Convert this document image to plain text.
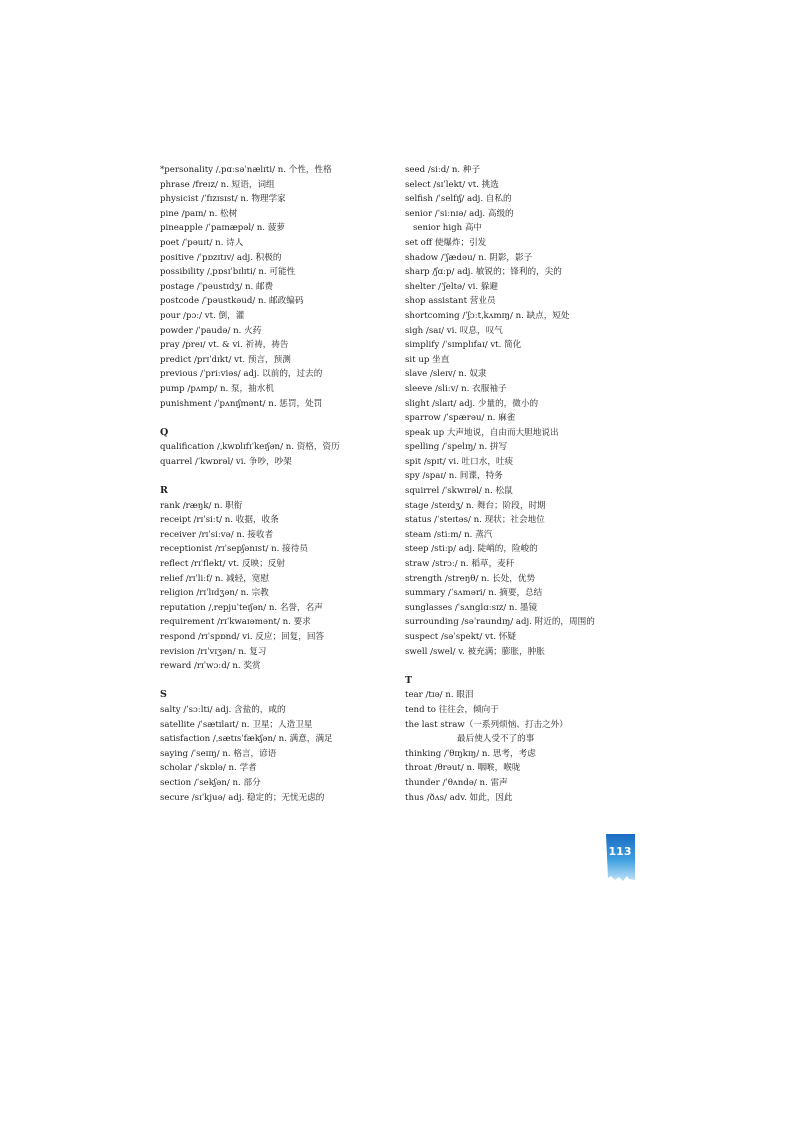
*personality /ˌpɑːsəˈnælɪti/ n. 个性，性格
phrase /freɪz/ n. 短语，词组
physicist /ˈfɪzɪsɪst/ n. 物理学家
pine /paɪn/ n. 松树
pineapple /ˈpaɪnæpəl/ n. 菠萝
poet /ˈpəuɪt/ n. 诗人
positive /ˈpɒzɪtɪv/ adj. 积极的
possibility /ˌpɒsɪˈbɪlɪti/ n. 可能性
postage /ˈpəustɪdʒ/ n. 邮费
postcode /ˈpəustkəud/ n. 邮政编码
pour /pɔː/ vt. 倒，灌
powder /ˈpaudə/ n. 火药
pray /preɪ/ vt. & vi. 祈祷，祷告
predict /prɪˈdɪkt/ vt. 预言，预测
previous /ˈpriːviəs/ adj. 以前的，过去的
pump /pʌmp/ n. 泵，抽水机
punishment /ˈpʌnɪʃmənt/ n. 惩罚，处罚
Q
qualification /ˌkwɒlɪfɪˈkeɪʃən/ n. 资格，资历
quarrel /ˈkwɒrəl/ vi. 争吵，吵架
R
rank /ræŋk/ n. 职衔
receipt /rɪˈsiːt/ n. 收据，收条
receiver /rɪˈsiːvə/ n. 接收者
receptionist /rɪˈsepʃənɪst/ n. 接待员
reflect /rɪˈflekt/ vt. 反映；反射
relief /rɪˈliːf/ n. 减轻，宽慰
religion /rɪˈlɪdʒən/ n. 宗教
reputation /ˌrepjuˈteɪʃən/ n. 名誉，名声
requirement /rɪˈkwaɪəmənt/ n. 要求
respond /rɪˈspɒnd/ vi. 反应；回复，回答
revision /rɪˈvɪʒən/ n. 复习
reward /rɪˈwɔːd/ n. 奖赏
S
salty /ˈsɔːlti/ adj. 含盐的，咸的
satellite /ˈsætɪlaɪt/ n. 卫星；人造卫星
satisfaction /ˌsætɪsˈfækʃən/ n. 满意，满足
saying /ˈseɪɪŋ/ n. 格言，谚语
scholar /ˈskɒlə/ n. 学者
section /ˈsekʃən/ n. 部分
secure /sɪˈkjuə/ adj. 稳定的；无忧无虑的
seed /siːd/ n. 种子
select /sɪˈlekt/ vt. 挑选
selfish /ˈselfɪʃ/ adj. 自私的
senior /ˈsiːnɪə/ adj. 高级的
senior high 高中
set off 使爆炸；引发
shadow /ˈʃædəu/ n. 阴影，影子
sharp /ʃɑːp/ adj. 敏锐的；锋利的，尖的
shelter /ˈʃeltə/ vi. 躲避
shop assistant 营业员
shortcoming /ˈʃɔːtˌkʌmɪŋ/ n. 缺点，短处
sigh /saɪ/ vi. 叹息，叹气
simplify /ˈsɪmplɪfaɪ/ vt. 简化
sit up 坐直
slave /sleɪv/ n. 奴隶
sleeve /sliːv/ n. 衣服袖子
slight /slaɪt/ adj. 少量的，微小的
sparrow /ˈspærəu/ n. 麻雀
speak up 大声地说，自由而大胆地说出
spelling /ˈspelɪŋ/ n. 拼写
spit /spɪt/ vi. 吐口水，吐痰
spy /spaɪ/ n. 间谍，特务
squirrel /ˈskwɪrəl/ n. 松鼠
stage /steɪdʒ/ n. 舞台；阶段，时期
status /ˈsteɪtəs/ n. 现状；社会地位
steam /stiːm/ n. 蒸汽
steep /stiːp/ adj. 陡峭的，险峻的
straw /strɔː/ n. 稻草，麦秆
strength /streŋθ/ n. 长处，优势
summary /ˈsʌməri/ n. 摘要，总结
sunglasses /ˈsʌnglɑːsɪz/ n. 墨镜
surrounding /səˈraundɪŋ/ adj. 附近的，周围的
suspect /səˈspekt/ vt. 怀疑
swell /swel/ v. 被充满；膨胀，肿胀
T
tear /tɪə/ n. 眼泪
tend to 往往会，倾向于
the last straw（一系列烦恼、打击之外）
最后使人受不了的事
thinking /ˈθɪŋkɪŋ/ n. 思考，考虑
throat /θrəut/ n. 咽喉，喉咙
thunder /ˈθʌndə/ n. 雷声
thus /ðʌs/ adv. 如此，因此
113
